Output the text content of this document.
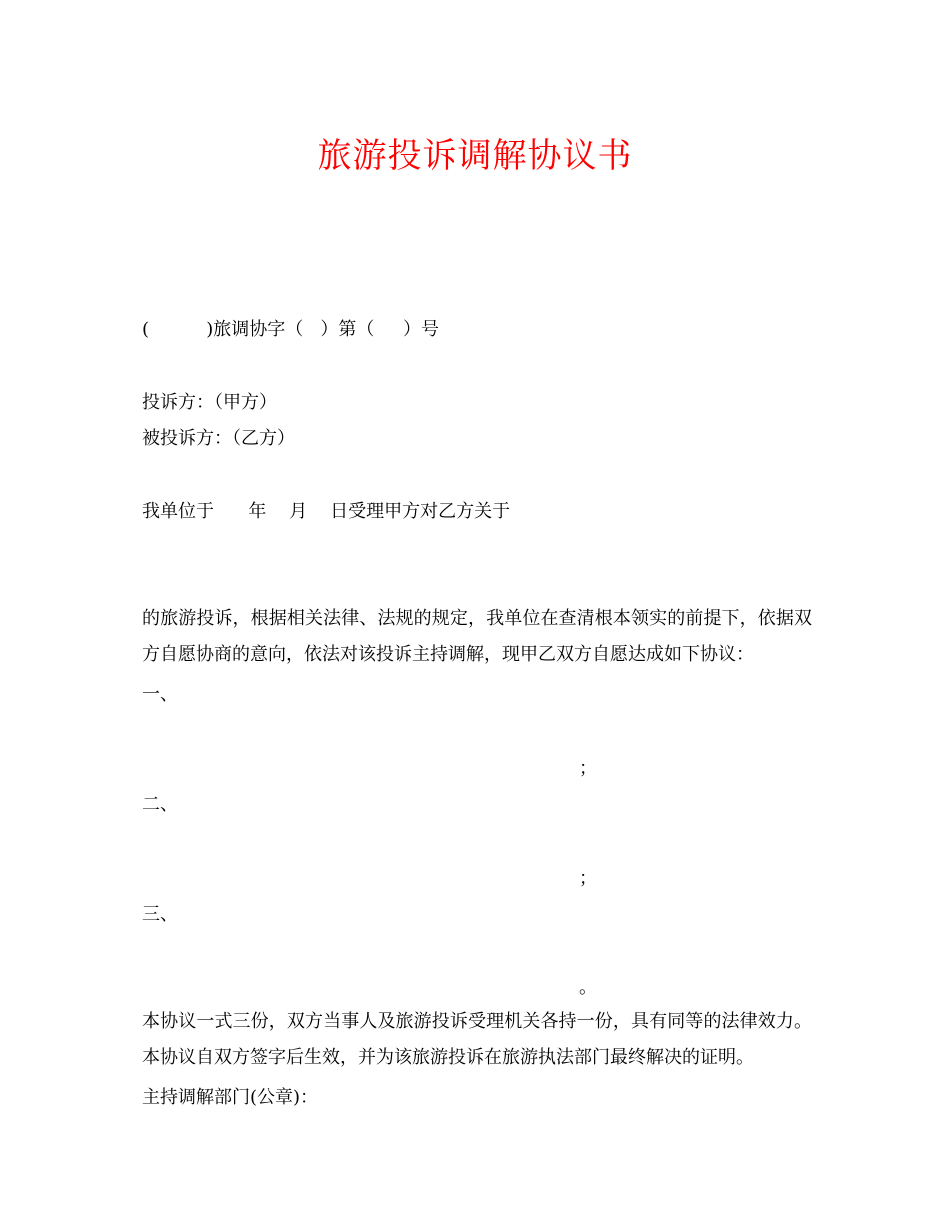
旅游投诉调解协议书
(          )旅调协字（   ）第（     ）号
投诉方：（甲方）
被投诉方：（乙方）
我单位于      年    月    日受理甲方对乙方关于
的旅游投诉，根据相关法律、法规的规定，我单位在查清根本领实的前提下，依据双方自愿协商的意向，依法对该投诉主持调解，现甲乙双方自愿达成如下协议：
一、
；
二、
；
三、
。
本协议一式三份，双方当事人及旅游投诉受理机关各持一份，具有同等的法律效力。本协议自双方签字后生效，并为该旅游投诉在旅游执法部门最终解决的证明。
主持调解部门(公章)：
